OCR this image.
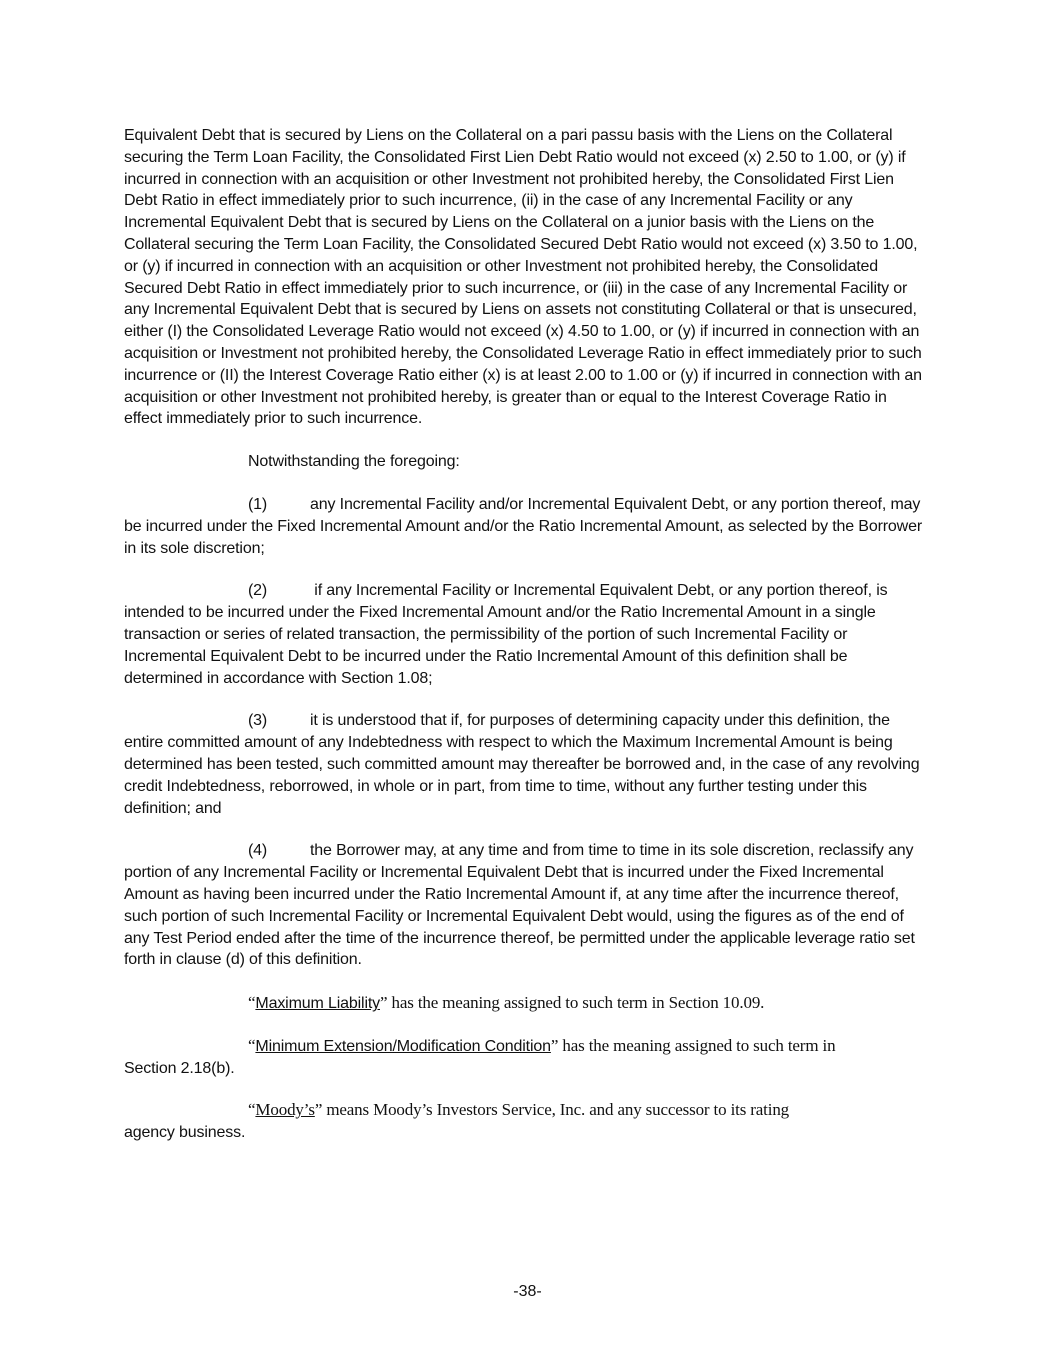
Equivalent Debt that is secured by Liens on the Collateral on a pari passu basis with the Liens on the Collateral securing the Term Loan Facility, the Consolidated First Lien Debt Ratio would not exceed (x) 2.50 to 1.00, or (y) if incurred in connection with an acquisition or other Investment not prohibited hereby, the Consolidated First Lien Debt Ratio in effect immediately prior to such incurrence, (ii) in the case of any Incremental Facility or any Incremental Equivalent Debt that is secured by Liens on the Collateral on a junior basis with the Liens on the Collateral securing the Term Loan Facility, the Consolidated Secured Debt Ratio would not exceed (x) 3.50 to 1.00, or (y) if incurred in connection with an acquisition or other Investment not prohibited hereby, the Consolidated Secured Debt Ratio in effect immediately prior to such incurrence, or (iii) in the case of any Incremental Facility or any Incremental Equivalent Debt that is secured by Liens on assets not constituting Collateral or that is unsecured, either (I) the Consolidated Leverage Ratio would not exceed (x) 4.50 to 1.00, or (y) if incurred in connection with an acquisition or Investment not prohibited hereby, the Consolidated Leverage Ratio in effect immediately prior to such incurrence or (II) the Interest Coverage Ratio either (x) is at least 2.00 to 1.00 or (y) if incurred in connection with an acquisition or other Investment not prohibited hereby, is greater than or equal to the Interest Coverage Ratio in effect immediately prior to such incurrence.

Notwithstanding the foregoing:

(1)	any Incremental Facility and/or Incremental Equivalent Debt, or any portion thereof, may be incurred under the Fixed Incremental Amount and/or the Ratio Incremental Amount, as selected by the Borrower in its sole discretion;

(2)	if any Incremental Facility or Incremental Equivalent Debt, or any portion thereof, is intended to be incurred under the Fixed Incremental Amount and/or the Ratio Incremental Amount in a single transaction or series of related transaction, the permissibility of the portion of such Incremental Facility or Incremental Equivalent Debt to be incurred under the Ratio Incremental Amount of this definition shall be determined in accordance with Section 1.08;

(3)	it is understood that if, for purposes of determining capacity under this definition, the entire committed amount of any Indebtedness with respect to which the Maximum Incremental Amount is being determined has been tested, such committed amount may thereafter be borrowed and, in the case of any revolving credit Indebtedness, reborrowed, in whole or in part, from time to time, without any further testing under this definition; and

(4)	the Borrower may, at any time and from time to time in its sole discretion, reclassify any portion of any Incremental Facility or Incremental Equivalent Debt that is incurred under the Fixed Incremental Amount as having been incurred under the Ratio Incremental Amount if, at any time after the incurrence thereof, such portion of such Incremental Facility or Incremental Equivalent Debt would, using the figures as of the end of any Test Period ended after the time of the incurrence thereof, be permitted under the applicable leverage ratio set forth in clause (d) of this definition.

“Maximum Liability” has the meaning assigned to such term in Section 10.09.

“Minimum Extension/Modification Condition” has the meaning assigned to such term in

Section 2.18(b).

“Moody’s” means Moody’s Investors Service, Inc. and any successor to its rating

agency business.

-38-
